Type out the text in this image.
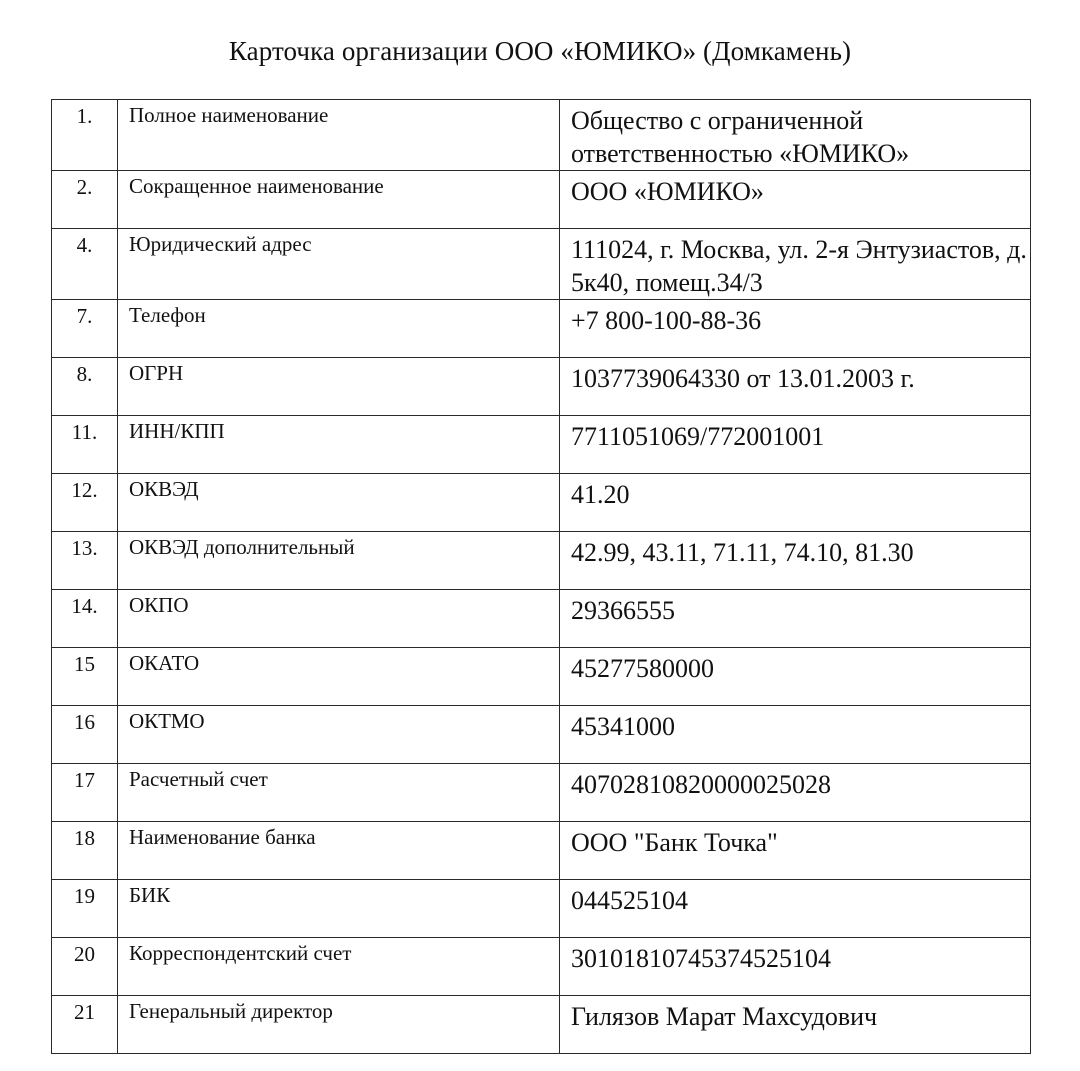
Карточка организации ООО «ЮМИКО» (Домкамень)
1.	Полное наименование	Общество с ограниченной ответственностью «ЮМИКО»
2.	Сокращенное наименование	ООО «ЮМИКО»
4.	Юридический адрес	111024, г. Москва, ул. 2-я Энтузиастов, д. 5к40, помещ.34/3
7.	Телефон	+7 800-100-88-36
8.	ОГРН	1037739064330 от 13.01.2003 г.
11.	ИНН/КПП	7711051069/772001001
12.	ОКВЭД	41.20
13.	ОКВЭД дополнительный	42.99, 43.11, 71.11, 74.10, 81.30
14.	ОКПО	29366555
15	ОКАТО	45277580000
16	ОКТМО	45341000
17	Расчетный счет	40702810820000025028
18	Наименование банка	ООО "Банк Точка"
19	БИК	044525104
20	Корреспондентский счет	30101810745374525104
21	Генеральный директор	Гилязов Марат Махсудович
